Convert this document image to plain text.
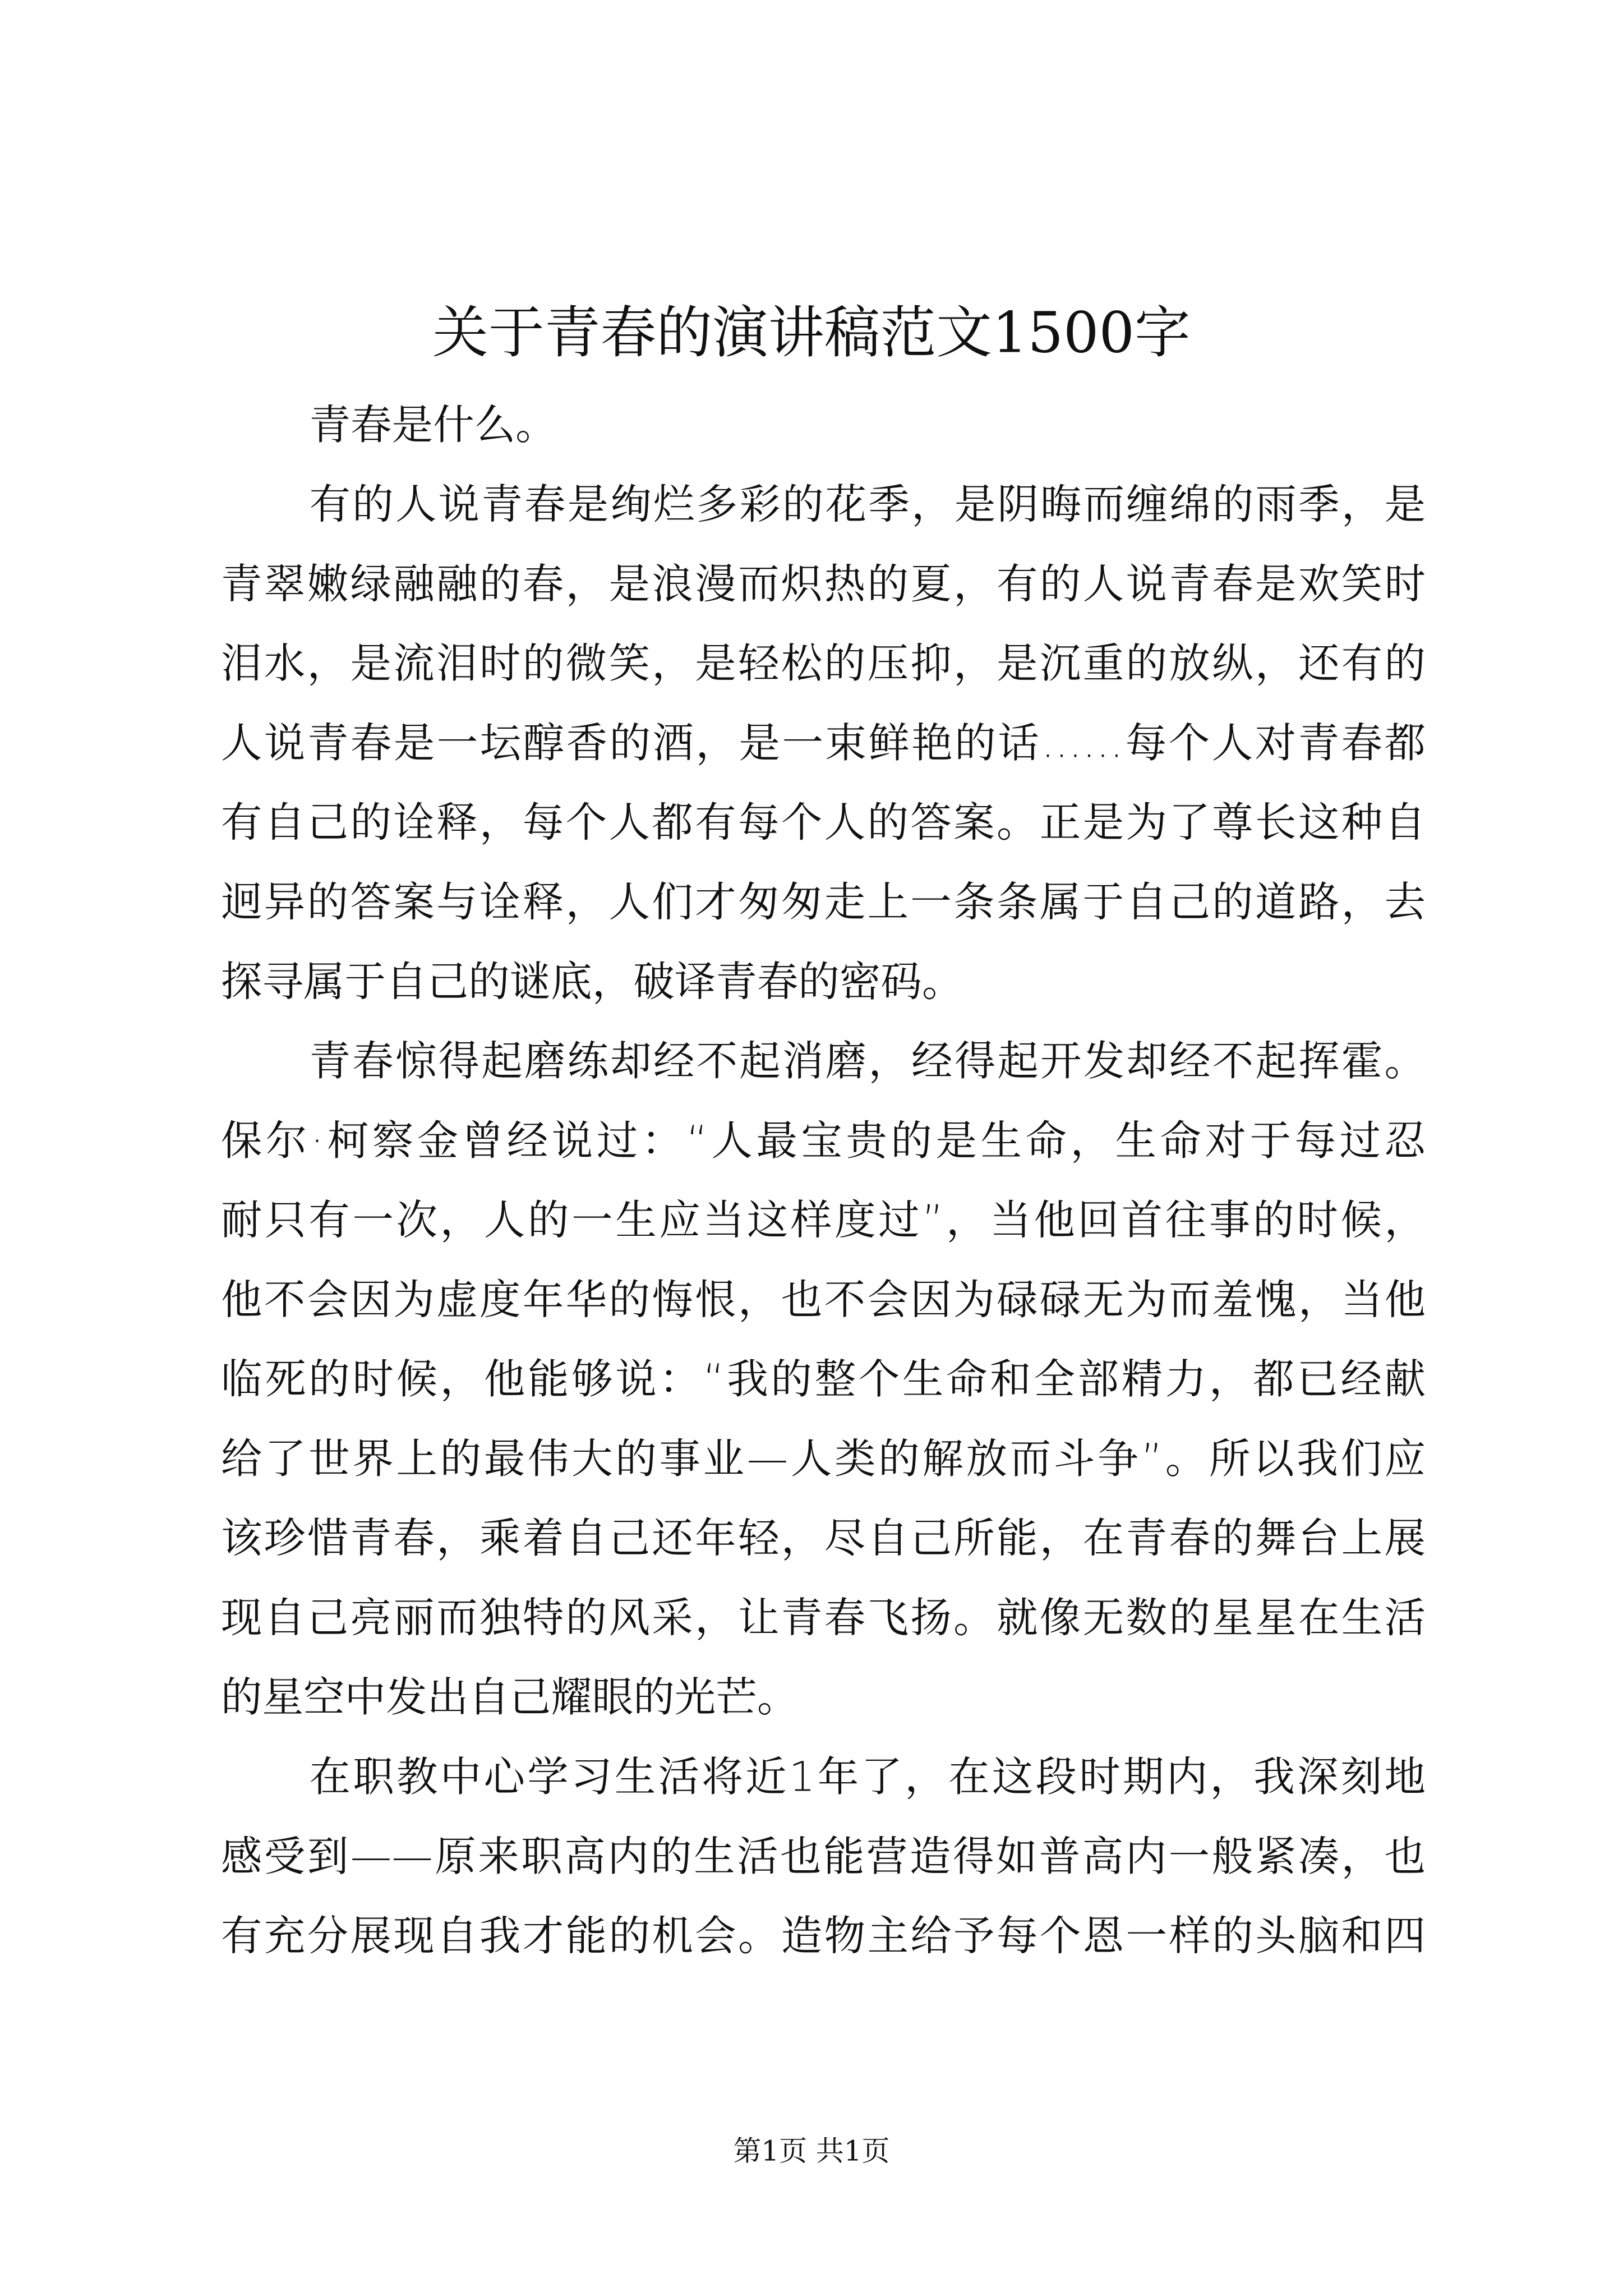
关于青春的演讲稿范文1500字
青春是什么。
有的人说青春是绚烂多彩的花季，是阴晦而缠绵的雨季，是
青翠嫩绿融融的春，是浪漫而炽热的夏，有的人说青春是欢笑时
泪水，是流泪时的微笑，是轻松的压抑，是沉重的放纵，还有的
人说青春是一坛醇香的酒，是一束鲜艳的话……每个人对青春都
有自己的诠释，每个人都有每个人的答案。正是为了尊长这种自
迥异的答案与诠释，人们才匆匆走上一条条属于自己的道路，去
探寻属于自己的谜底，破译青春的密码。
青春惊得起磨练却经不起消磨，经得起开发却经不起挥霍。
保尔·柯察金曾经说过：“人最宝贵的是生命，生命对于每过忍
耐只有一次，人的一生应当这样度过”，当他回首往事的时候，
他不会因为虚度年华的悔恨，也不会因为碌碌无为而羞愧，当他
临死的时候，他能够说：“我的整个生命和全部精力，都已经献
给了世界上的最伟大的事业—人类的解放而斗争”。所以我们应
该珍惜青春，乘着自己还年轻，尽自己所能，在青春的舞台上展
现自己亮丽而独特的风采，让青春飞扬。就像无数的星星在生活
的星空中发出自己耀眼的光芒。
在职教中心学习生活将近1年了，在这段时期内，我深刻地
感受到——原来职高内的生活也能营造得如普高内一般紧凑，也
有充分展现自我才能的机会。造物主给予每个恩一样的头脑和四
第1页 共1页
